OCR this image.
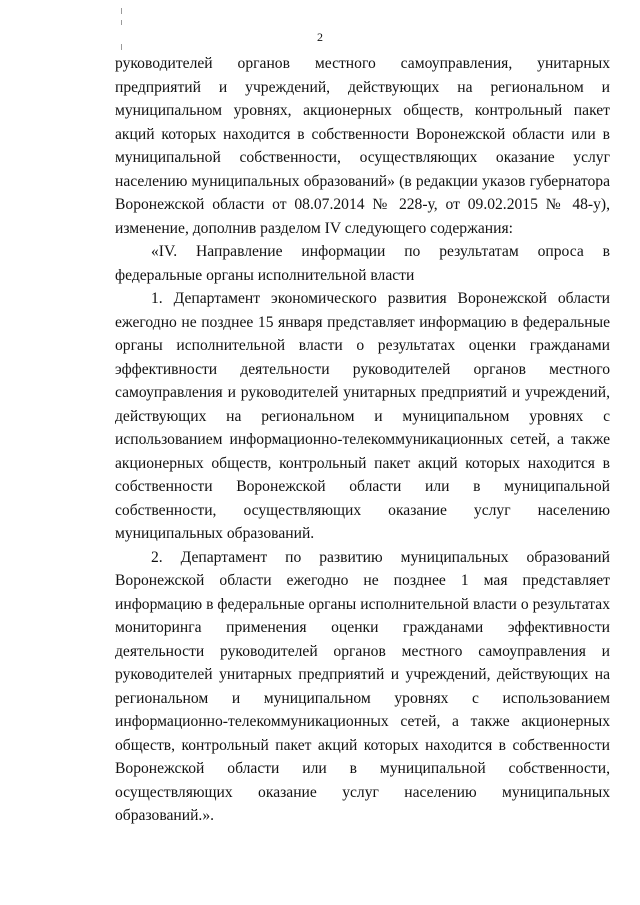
2

руководителей органов местного самоуправления, унитарных предприятий и учреждений, действующих на региональном и муниципальном уровнях, акционерных обществ, контрольный пакет акций которых находится в собственности Воронежской области или в муниципальной собственности, осуществляющих оказание услуг населению муниципальных образований» (в редакции указов губернатора Воронежской области от 08.07.2014 № 228-у, от 09.02.2015 № 48-у), изменение, дополнив разделом IV следующего содержания:

«IV. Направление информации по результатам опроса в федеральные органы исполнительной власти

1. Департамент экономического развития Воронежской области ежегодно не позднее 15 января представляет информацию в федеральные органы исполнительной власти о результатах оценки гражданами эффективности деятельности руководителей органов местного самоуправления и руководителей унитарных предприятий и учреждений, действующих на региональном и муниципальном уровнях с использованием информационно-телекоммуникационных сетей, а также акционерных обществ, контрольный пакет акций которых находится в собственности Воронежской области или в муниципальной собственности, осуществляющих оказание услуг населению муниципальных образований.

2. Департамент по развитию муниципальных образований Воронежской области ежегодно не позднее 1 мая представляет информацию в федеральные органы исполнительной власти о результатах мониторинга применения оценки гражданами эффективности деятельности руководителей органов местного самоуправления и руководителей унитарных предприятий и учреждений, действующих на региональном и муниципальном уровнях с использованием информационно-телекоммуникационных сетей, а также акционерных обществ, контрольный пакет акций которых находится в собственности Воронежской области или в муниципальной собственности, осуществляющих оказание услуг населению муниципальных образований.».
